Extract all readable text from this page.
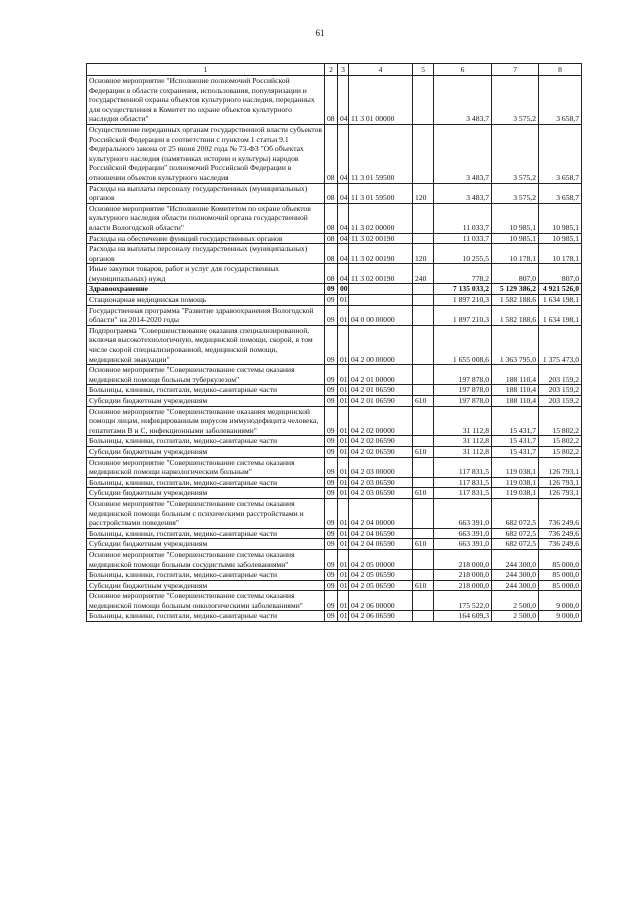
61
1	2	3	4	5	6	7	8
Основное мероприятие "Исполнение полномочий Российской Федерации в области сохранения, использования, популяризации и государственной охраны объектов культурного наследия, переданных для осуществления в Комитет по охране объектов культурного наследия области"	08	04	11 3 01 00000		3 483,7	3 575,2	3 658,7
Осуществление переданных органам государственной власти субъектов Российской Федерации в соответствии с пунктом 1 статьи 9.1 Федерального закона от 25 июня 2002 года № 73-ФЗ "Об объектах культурного наследия (памятниках истории и культуры) народов Российской Федерации" полномочий Российской Федерации в отношении объектов культурного наследия	08	04	11 3 01 59500		3 483,7	3 575,2	3 658,7
Расходы на выплаты персоналу государственных (муниципальных) органов	08	04	11 3 01 59500	120	3 483,7	3 575,2	3 658,7
Основное мероприятие "Исполнение Комитетом по охране объектов культурного наследия области полномочий органа государственной власти Вологодской области"	08	04	11 3 02 00000		11 033,7	10 985,1	10 985,1
Расходы на обеспечение функций государственных органов	08	04	11 3 02 00190		11 033,7	10 985,1	10 985,1
Расходы на выплаты персоналу государственных (муниципальных) органов	08	04	11 3 02 00190	120	10 255,5	10 178,1	10 178,1
Иные закупки товаров, работ и услуг для государственных (муниципальных) нужд	08	04	11 3 02 00190	240	778,2	807,0	807,0
Здравоохранение	09	00			7 135 033,2	5 129 386,2	4 921 526,0
Стационарная медицинская помощь	09	01			1 897 210,3	1 582 188,6	1 634 198,1
Государственная программа "Развитие здравоохранения Вологодской области" на 2014-2020 годы	09	01	04 0 00 00000		1 897 210,3	1 582 188,6	1 634 198,1
Подпрограмма "Совершенствование оказания специализированной, включая высокотехнологичную, медицинской помощи, скорой, в том числе скорой специализированной, медицинской помощи, медицинской эвакуации"	09	01	04 2 00 00000		1 655 008,6	1 363 795,0	1 375 473,0
Основное мероприятие "Совершенствование системы оказания медицинской помощи больным туберкулезом"	09	01	04 2 01 00000		197 878,0	188 110,4	203 159,2
Больницы, клиники, госпитали, медико-санитарные части	09	01	04 2 01 06590		197 878,0	188 110,4	203 159,2
Субсидии бюджетным учреждениям	09	01	04 2 01 06590	610	197 878,0	188 110,4	203 159,2
Основное мероприятие "Совершенствование оказания медицинской помощи лицам, инфицированным вирусом иммунодефицита человека, гепатитами B и C, инфекционными заболеваниями"	09	01	04 2 02 00000		31 112,8	15 431,7	15 802,2
Больницы, клиники, госпитали, медико-санитарные части	09	01	04 2 02 06590		31 112,8	15 431,7	15 802,2
Субсидии бюджетным учреждениям	09	01	04 2 02 06590	610	31 112,8	15 431,7	15 802,2
Основное мероприятие "Совершенствование системы оказания медицинской помощи наркологическим больным"	09	01	04 2 03 00000		117 831,5	119 038,1	126 793,1
Больницы, клиники, госпитали, медико-санитарные части	09	01	04 2 03 06590		117 831,5	119 038,1	126 793,1
Субсидии бюджетным учреждениям	09	01	04 2 03 06590	610	117 831,5	119 038,1	126 793,1
Основное мероприятие "Совершенствование системы оказания медицинской помощи больным с психическими расстройствами и расстройствами поведения"	09	01	04 2 04 00000		663 391,0	682 072,5	736 249,6
Больницы, клиники, госпитали, медико-санитарные части	09	01	04 2 04 06590		663 391,0	682 072,5	736 249,6
Субсидии бюджетным учреждениям	09	01	04 2 04 06590	610	663 391,0	682 072,5	736 249,6
Основное мероприятие "Совершенствование системы оказания медицинской помощи больным сосудистыми заболеваниями"	09	01	04 2 05 00000		218 000,0	244 300,0	85 000,0
Больницы, клиники, госпитали, медико-санитарные части	09	01	04 2 05 06590		218 000,0	244 300,0	85 000,0
Субсидии бюджетным учреждениям	09	01	04 2 05 06590	610	218 000,0	244 300,0	85 000,0
Основное мероприятие "Совершенствование системы оказания медицинской помощи больным онкологическими заболеваниями"	09	01	04 2 06 00000		175 522,0	2 500,0	9 000,0
Больницы, клиники, госпитали, медико-санитарные части	09	01	04 2 06 06590		164 609,3	2 500,0	9 000,0
